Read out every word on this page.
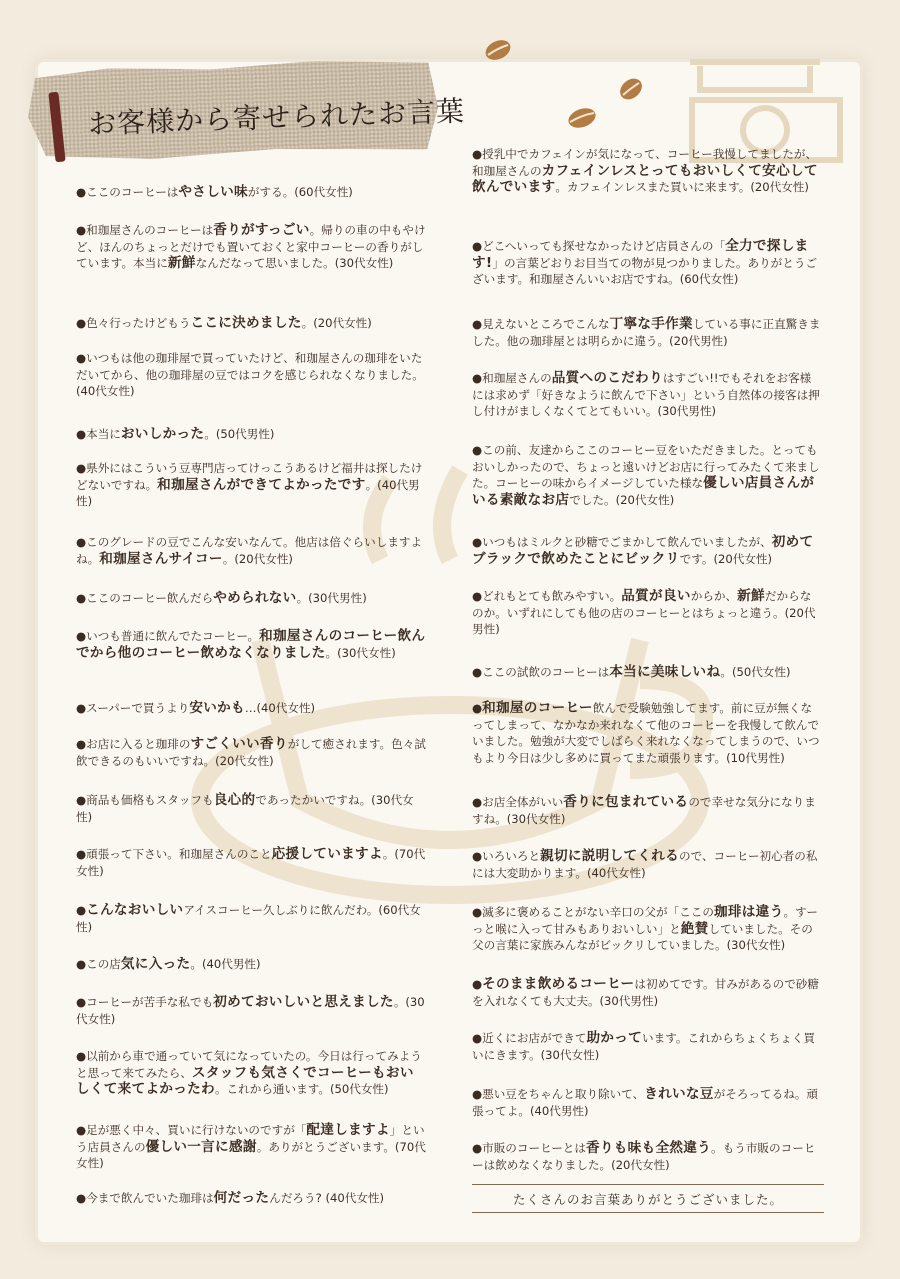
お客様から寄せられたお言葉
●ここのコーヒーはやさしい味がする。(60代女性)
●和珈屋さんのコーヒーは香りがすっごい。帰りの車の中もやけど、ほんのちょっとだけでも置いておくと家中コーヒーの香りがしています。本当に新鮮なんだなって思いました。(30代女性)
●色々行ったけどもうここに決めました。(20代女性)
●いつもは他の珈琲屋で買っていたけど、和珈屋さんの珈琲をいただいてから、他の珈琲屋の豆ではコクを感じられなくなりました。(40代女性)
●本当においしかった。(50代男性)
●県外にはこういう豆専門店ってけっこうあるけど福井は探したけどないですね。和珈屋さんができてよかったです。(40代男性)
●このグレードの豆でこんな安いなんて。他店は倍ぐらいしますよね。和珈屋さんサイコー。(20代女性)
●ここのコーヒー飲んだらやめられない。(30代男性)
●いつも普通に飲んでたコーヒー。和珈屋さんのコーヒー飲んでから他のコーヒー飲めなくなりました。(30代女性)
●スーパーで買うより安いかも…(40代女性)
●お店に入ると珈琲のすごくいい香りがして癒されます。色々試飲できるのもいいですね。(20代女性)
●商品も価格もスタッフも良心的であったかいですね。(30代女性)
●頑張って下さい。和珈屋さんのこと応援していますよ。(70代女性)
●こんなおいしいアイスコーヒー久しぶりに飲んだわ。(60代女性)
●この店気に入った。(40代男性)
●コーヒーが苦手な私でも初めておいしいと思えました。(30代女性)
●以前から車で通っていて気になっていたの。今日は行ってみようと思って来てみたら、スタッフも気さくでコーヒーもおいしくて来てよかったわ。これから通います。(50代女性)
●足が悪く中々、買いに行けないのですが「配達しますよ」という店員さんの優しい一言に感謝。ありがとうございます。(70代女性)
●今まで飲んでいた珈琲は何だったんだろう? (40代女性)
●授乳中でカフェインが気になって、コーヒー我慢してましたが、和珈屋さんのカフェインレスとってもおいしくて安心して飲んでいます。カフェインレスまた買いに来ます。(20代女性)
●どこへいっても探せなかったけど店員さんの「全力で探します!」の言葉どおりお目当ての物が見つかりました。ありがとうございます。和珈屋さんいいお店ですね。(60代女性)
●見えないところでこんな丁寧な手作業している事に正直驚きました。他の珈琲屋とは明らかに違う。(20代男性)
●和珈屋さんの品質へのこだわりはすごい!!でもそれをお客様には求めず「好きなように飲んで下さい」という自然体の接客は押し付けがましくなくてとてもいい。(30代男性)
●この前、友達からここのコーヒー豆をいただきました。とってもおいしかったので、ちょっと遠いけどお店に行ってみたくて来ました。コーヒーの味からイメージしていた様な優しい店員さんがいる素敵なお店でした。(20代女性)
●いつもはミルクと砂糖でごまかして飲んでいましたが、初めてブラックで飲めたことにビックリです。(20代女性)
●どれもとても飲みやすい。品質が良いからか、新鮮だからなのか。いずれにしても他の店のコーヒーとはちょっと違う。(20代男性)
●ここの試飲のコーヒーは本当に美味しいね。(50代女性)
●和珈屋のコーヒー飲んで受験勉強してます。前に豆が無くなってしまって、なかなか来れなくて他のコーヒーを我慢して飲んでいました。勉強が大変でしばらく来れなくなってしまうので、いつもより今日は少し多めに買ってまた頑張ります。(10代男性)
●お店全体がいい香りに包まれているので幸せな気分になりますね。(30代女性)
●いろいろと親切に説明してくれるので、コーヒー初心者の私には大変助かります。(40代女性)
●滅多に褒めることがない辛口の父が「ここの珈琲は違う。すーっと喉に入って甘みもありおいしい」と絶賛していました。その父の言葉に家族みんながビックリしていました。(30代女性)
●そのまま飲めるコーヒーは初めてです。甘みがあるので砂糖を入れなくても大丈夫。(30代男性)
●近くにお店ができて助かっています。これからちょくちょく買いにきます。(30代女性)
●悪い豆をちゃんと取り除いて、きれいな豆がそろってるね。頑張ってよ。(40代男性)
●市販のコーヒーとは香りも味も全然違う。もう市販のコーヒーは飲めなくなりました。(20代女性)
たくさんのお言葉ありがとうございました。
